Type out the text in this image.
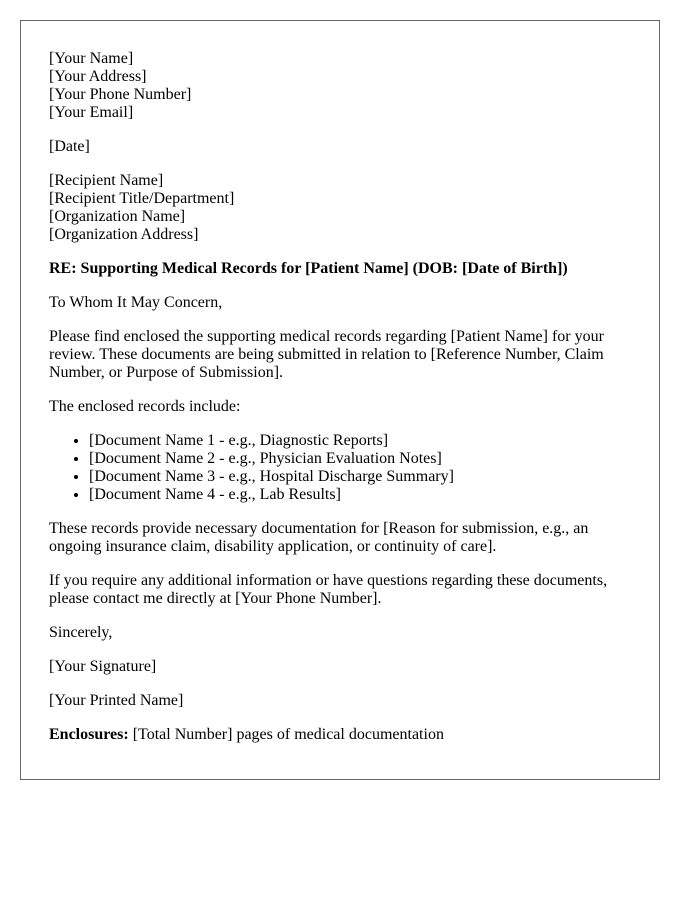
[Your Name]
[Your Address]
[Your Phone Number]
[Your Email]
[Date]
[Recipient Name]
[Recipient Title/Department]
[Organization Name]
[Organization Address]

RE: Supporting Medical Records for [Patient Name] (DOB: [Date of Birth])

To Whom It May Concern,

Please find enclosed the supporting medical records regarding [Patient Name] for your review. These documents are being submitted in relation to [Reference Number, Claim Number, or Purpose of Submission].

The enclosed records include:

• [Document Name 1 - e.g., Diagnostic Reports]
• [Document Name 2 - e.g., Physician Evaluation Notes]
• [Document Name 3 - e.g., Hospital Discharge Summary]
• [Document Name 4 - e.g., Lab Results]

These records provide necessary documentation for [Reason for submission, e.g., an ongoing insurance claim, disability application, or continuity of care].

If you require any additional information or have questions regarding these documents, please contact me directly at [Your Phone Number].

Sincerely,

[Your Signature]

[Your Printed Name]

Enclosures: [Total Number] pages of medical documentation
